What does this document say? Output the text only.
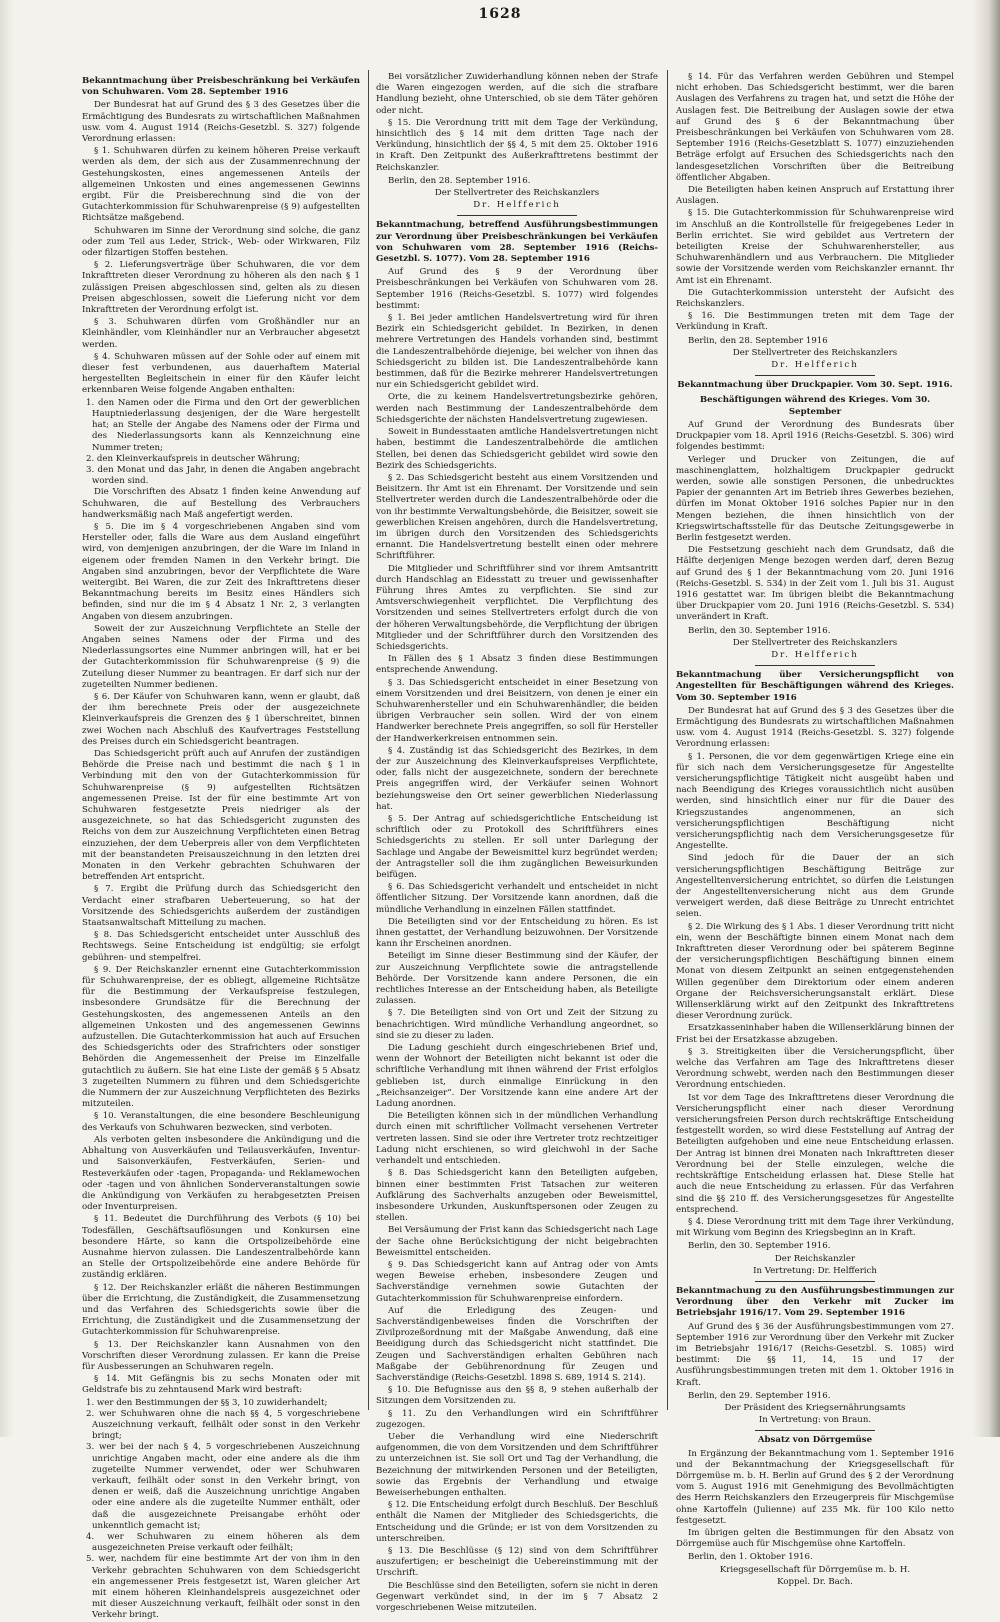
1628
Bekanntmachung über Preisbeschränkung bei Verkäufen von Schuhwaren. Vom 28. September 1916
Der Bundesrat hat auf Grund des § 3 des Gesetzes über die Ermächtigung des Bundesrats zu wirtschaftlichen Maßnahmen usw. vom 4. August 1914 (Reichs-Gesetzbl. S. 327) folgende Verordnung erlassen:
§ 1. Schuhwaren dürfen zu keinem höheren Preise verkauft werden als dem, der sich aus der Zusammenrechnung der Gestehungskosten, eines angemessenen Anteils der allgemeinen Unkosten und eines angemessenen Gewinns ergibt. Für die Preisberechnung sind die von der Gutachterkommission für Schuhwarenpreise (§ 9) aufgestellten Richtsätze maßgebend.
Schuhwaren im Sinne der Verordnung sind solche, die ganz oder zum Teil aus Leder, Strick-, Web- oder Wirkwaren, Filz oder filzartigen Stoffen bestehen.
§ 2. Lieferungsverträge über Schuhwaren, die vor dem Inkrafttreten dieser Verordnung zu höheren als den nach § 1 zulässigen Preisen abgeschlossen sind, gelten als zu diesen Preisen abgeschlossen, soweit die Lieferung nicht vor dem Inkrafttreten der Verordnung erfolgt ist.
§ 3. Schuhwaren dürfen vom Großhändler nur an Kleinhändler, vom Kleinhändler nur an Verbraucher abgesetzt werden.
§ 4. Schuhwaren müssen auf der Sohle oder auf einem mit dieser fest verbundenen, aus dauerhaftem Material hergestellten Begleitschein in einer für den Käufer leicht erkennbaren Weise folgende Angaben enthalten:
1. den Namen oder die Firma und den Ort der gewerblichen Hauptniederlassung desjenigen, der die Ware hergestellt hat; an Stelle der Angabe des Namens oder der Firma und des Niederlassungsorts kann als Kennzeichnung eine Nummer treten;
2. den Kleinverkaufspreis in deutscher Währung;
3. den Monat und das Jahr, in denen die Angaben angebracht worden sind.
Die Vorschriften des Absatz 1 finden keine Anwendung auf Schuhwaren, die auf Bestellung des Verbrauchers handwerksmäßig nach Maß angefertigt werden.
§ 5. Die im § 4 vorgeschriebenen Angaben sind vom Hersteller oder, falls die Ware aus dem Ausland eingeführt wird, von demjenigen anzubringen, der die Ware im Inland in eigenem oder fremden Namen in den Verkehr bringt. Die Angaben sind anzubringen, bevor der Verpflichtete die Ware weitergibt. Bei Waren, die zur Zeit des Inkrafttretens dieser Bekanntmachung bereits im Besitz eines Händlers sich befinden, sind nur die im § 4 Absatz 1 Nr. 2, 3 verlangten Angaben von diesem anzubringen.
Soweit der zur Auszeichnung Verpflichtete an Stelle der Angaben seines Namens oder der Firma und des Niederlassungsortes eine Nummer anbringen will, hat er bei der Gutachterkommission für Schuhwarenpreise (§ 9) die Zuteilung dieser Nummer zu beantragen. Er darf sich nur der zugeteilten Nummer bedienen.
§ 6. Der Käufer von Schuhwaren kann, wenn er glaubt, daß der ihm berechnete Preis oder der ausgezeichnete Kleinverkaufspreis die Grenzen des § 1 überschreitet, binnen zwei Wochen nach Abschluß des Kaufvertrages Feststellung des Preises durch ein Schiedsgericht beantragen.
Das Schiedsgericht prüft auch auf Anrufen der zuständigen Behörde die Preise nach und bestimmt die nach § 1 in Verbindung mit den von der Gutachterkommission für Schuhwarenpreise (§ 9) aufgestellten Richtsätzen angemessenen Preise. Ist der für eine bestimmte Art von Schuhwaren festgesetzte Preis niedriger als der ausgezeichnete, so hat das Schiedsgericht zugunsten des Reichs von dem zur Auszeichnung Verpflichteten einen Betrag einzuziehen, der dem Ueberpreis aller von dem Verpflichteten mit der beanstandeten Preisauszeichnung in den letzten drei Monaten in den Verkehr gebrachten Schuhwaren der betreffenden Art entspricht.
§ 7. Ergibt die Prüfung durch das Schiedsgericht den Verdacht einer strafbaren Ueberteuerung, so hat der Vorsitzende des Schiedsgerichts außerdem der zuständigen Staatsanwaltschaft Mitteilung zu machen.
§ 8. Das Schiedsgericht entscheidet unter Ausschluß des Rechtswegs. Seine Entscheidung ist endgültig; sie erfolgt gebühren- und stempelfrei.
§ 9. Der Reichskanzler ernennt eine Gutachterkommission für Schuhwarenpreise, der es obliegt, allgemeine Richtsätze für die Bestimmung der Verkaufspreise festzulegen, insbesondere Grundsätze für die Berechnung der Gestehungskosten, des angemessenen Anteils an den allgemeinen Unkosten und des angemessenen Gewinns aufzustellen. Die Gutachterkommission hat auch auf Ersuchen des Schiedsgerichts oder des Strafrichters oder sonstiger Behörden die Angemessenheit der Preise im Einzelfalle gutachtlich zu äußern. Sie hat eine Liste der gemäß § 5 Absatz 3 zugeteilten Nummern zu führen und dem Schiedsgerichte die Nummern der zur Auszeichnung Verpflichteten des Bezirks mitzuteilen.
§ 10. Veranstaltungen, die eine besondere Beschleunigung des Verkaufs von Schuhwaren bezwecken, sind verboten.
Als verboten gelten insbesondere die Ankündigung und die Abhaltung von Ausverkäufen und Teilausverkäufen, Inventur- und Saisonverkäufen, Festverkäufen, Serien- und Resteverkäufen oder -tagen, Propaganda- und Reklamewochen oder -tagen und von ähnlichen Sonderveranstaltungen sowie die Ankündigung von Verkäufen zu herabgesetzten Preisen oder Inventurpreisen.
§ 11. Bedeutet die Durchführung des Verbots (§ 10) bei Todesfällen, Geschäftsauflösungen und Konkursen eine besondere Härte, so kann die Ortspolizeibehörde eine Ausnahme hiervon zulassen. Die Landeszentralbehörde kann an Stelle der Ortspolizeibehörde eine andere Behörde für zuständig erklären.
§ 12. Der Reichskanzler erläßt die näheren Bestimmungen über die Errichtung, die Zuständigkeit, die Zusammensetzung und das Verfahren des Schiedsgerichts sowie über die Errichtung, die Zuständigkeit und die Zusammensetzung der Gutachterkommission für Schuhwarenpreise.
§ 13. Der Reichskanzler kann Ausnahmen von den Vorschriften dieser Verordnung zulassen. Er kann die Preise für Ausbesserungen an Schuhwaren regeln.
§ 14. Mit Gefängnis bis zu sechs Monaten oder mit Geldstrafe bis zu zehntausend Mark wird bestraft:
1. wer den Bestimmungen der §§ 3, 10 zuwiderhandelt;
2. wer Schuhwaren ohne die nach §§ 4, 5 vorgeschriebene Auszeichnung verkauft, feilhält oder sonst in den Verkehr bringt;
3. wer bei der nach § 4, 5 vorgeschriebenen Auszeichnung unrichtige Angaben macht, oder eine andere als die ihm zugeteilte Nummer verwendet, oder wer Schuhwaren verkauft, feilhält oder sonst in den Verkehr bringt, von denen er weiß, daß die Auszeichnung unrichtige Angaben oder eine andere als die zugeteilte Nummer enthält, oder daß die ausgezeichnete Preisangabe erhöht oder unkenntlich gemacht ist;
4. wer Schuhwaren zu einem höheren als dem ausgezeichneten Preise verkauft oder feilhält;
5. wer, nachdem für eine bestimmte Art der von ihm in den Verkehr gebrachten Schuhwaren von dem Schiedsgericht ein angemessener Preis festgesetzt ist, Waren gleicher Art mit einem höheren Kleinhandelspreis ausgezeichnet oder mit dieser Auszeichnung verkauft, feilhält oder sonst in den Verkehr bringt.
Bei vorsätzlicher Zuwiderhandlung können neben der Strafe die Waren eingezogen werden, auf die sich die strafbare Handlung bezieht, ohne Unterschied, ob sie dem Täter gehören oder nicht.
§ 15. Die Verordnung tritt mit dem Tage der Verkündung, hinsichtlich des § 14 mit dem dritten Tage nach der Verkündung, hinsichtlich der §§ 4, 5 mit dem 25. Oktober 1916 in Kraft. Den Zeitpunkt des Außerkrafttretens bestimmt der Reichskanzler.
Berlin, den 28. September 1916.
Der Stellvertreter des Reichskanzlers
Dr. Helfferich
Bekanntmachung, betreffend Ausführungsbestimmungen zur Verordnung über Preisbeschränkungen bei Verkäufen von Schuhwaren vom 28. September 1916 (Reichs-Gesetzbl. S. 1077). Vom 28. September 1916
Auf Grund des § 9 der Verordnung über Preisbeschränkungen bei Verkäufen von Schuhwaren vom 28. September 1916 (Reichs-Gesetzbl. S. 1077) wird folgendes bestimmt:
§ 1. Bei jeder amtlichen Handelsvertretung wird für ihren Bezirk ein Schiedsgericht gebildet. In Bezirken, in denen mehrere Vertretungen des Handels vorhanden sind, bestimmt die Landeszentralbehörde diejenige, bei welcher von ihnen das Schiedsgericht zu bilden ist. Die Landeszentralbehörde kann bestimmen, daß für die Bezirke mehrerer Handelsvertretungen nur ein Schiedsgericht gebildet wird.
Orte, die zu keinem Handelsvertretungsbezirke gehören, werden nach Bestimmung der Landeszentralbehörde dem Schiedsgerichte der nächsten Handelsvertretung zugewiesen.
Soweit in Bundesstaaten amtliche Handelsvertretungen nicht haben, bestimmt die Landeszentralbehörde die amtlichen Stellen, bei denen das Schiedsgericht gebildet wird sowie den Bezirk des Schiedsgerichts.
§ 2. Das Schiedsgericht besteht aus einem Vorsitzenden und Beisitzern. Ihr Amt ist ein Ehrenamt. Der Vorsitzende und sein Stellvertreter werden durch die Landeszentralbehörde oder die von ihr bestimmte Verwaltungsbehörde, die Beisitzer, soweit sie gewerblichen Kreisen angehören, durch die Handelsvertretung, im übrigen durch den Vorsitzenden des Schiedsgerichts ernannt. Die Handelsvertretung bestellt einen oder mehrere Schriftführer.
Die Mitglieder und Schriftführer sind vor ihrem Amtsantritt durch Handschlag an Eidesstatt zu treuer und gewissenhafter Führung ihres Amtes zu verpflichten. Sie sind zur Amtsverschwiegenheit verpflichtet. Die Verpflichtung des Vorsitzenden und seines Stellvertreters erfolgt durch die von der höheren Verwaltungsbehörde, die Verpflichtung der übrigen Mitglieder und der Schriftführer durch den Vorsitzenden des Schiedsgerichts.
In Fällen des § 1 Absatz 3 finden diese Bestimmungen entsprechende Anwendung.
§ 3. Das Schiedsgericht entscheidet in einer Besetzung von einem Vorsitzenden und drei Beisitzern, von denen je einer ein Schuhwarenhersteller und ein Schuhwarenhändler, die beiden übrigen Verbraucher sein sollen. Wird der von einem Handwerker berechnete Preis angegriffen, so soll für Hersteller der Handwerkerkreisen entnommen sein.
§ 4. Zuständig ist das Schiedsgericht des Bezirkes, in dem der zur Auszeichnung des Kleinverkaufspreises Verpflichtete, oder, falls nicht der ausgezeichnete, sondern der berechnete Preis angegriffen wird, der Verkäufer seinen Wohnort beziehungsweise den Ort seiner gewerblichen Niederlassung hat.
§ 5. Der Antrag auf schiedsgerichtliche Entscheidung ist schriftlich oder zu Protokoll des Schriftführers eines Schiedsgerichts zu stellen. Er soll unter Darlegung der Sachlage und Angabe der Beweismittel kurz begründet werden; der Antragsteller soll die ihm zugänglichen Beweisurkunden beifügen.
§ 6. Das Schiedsgericht verhandelt und entscheidet in nicht öffentlicher Sitzung. Der Vorsitzende kann anordnen, daß die mündliche Verhandlung in einzelnen Fällen stattfindet.
Die Beteiligten sind vor der Entscheidung zu hören. Es ist ihnen gestattet, der Verhandlung beizuwohnen. Der Vorsitzende kann ihr Erscheinen anordnen.
Beteiligt im Sinne dieser Bestimmung sind der Käufer, der zur Auszeichnung Verpflichtete sowie die antragstellende Behörde. Der Vorsitzende kann andere Personen, die ein rechtliches Interesse an der Entscheidung haben, als Beteiligte zulassen.
§ 7. Die Beteiligten sind von Ort und Zeit der Sitzung zu benachrichtigen. Wird mündliche Verhandlung angeordnet, so sind sie zu dieser zu laden.
Die Ladung geschieht durch eingeschriebenen Brief und, wenn der Wohnort der Beteiligten nicht bekannt ist oder die schriftliche Verhandlung mit ihnen während der Frist erfolglos geblieben ist, durch einmalige Einrückung in den „Reichsanzeiger“. Der Vorsitzende kann eine andere Art der Ladung anordnen.
Die Beteiligten können sich in der mündlichen Verhandlung durch einen mit schriftlicher Vollmacht versehenen Vertreter vertreten lassen. Sind sie oder ihre Vertreter trotz rechtzeitiger Ladung nicht erschienen, so wird gleichwohl in der Sache verhandelt und entschieden.
§ 8. Das Schiedsgericht kann den Beteiligten aufgeben, binnen einer bestimmten Frist Tatsachen zur weiteren Aufklärung des Sachverhalts anzugeben oder Beweismittel, insbesondere Urkunden, Auskunftspersonen oder Zeugen zu stellen.
Bei Versäumung der Frist kann das Schiedsgericht nach Lage der Sache ohne Berücksichtigung der nicht beigebrachten Beweismittel entscheiden.
§ 9. Das Schiedsgericht kann auf Antrag oder von Amts wegen Beweise erheben, insbesondere Zeugen und Sachverständige vernehmen sowie Gutachten der Gutachterkommission für Schuhwarenpreise einfordern.
Auf die Erledigung des Zeugen- und Sachverständigenbeweises finden die Vorschriften der Zivilprozeßordnung mit der Maßgabe Anwendung, daß eine Beeidigung durch das Schiedsgericht nicht stattfindet. Die Zeugen und Sachverständigen erhalten Gebühren nach Maßgabe der Gebührenordnung für Zeugen und Sachverständige (Reichs-Gesetzbl. 1898 S. 689, 1914 S. 214).
§ 10. Die Befugnisse aus den §§ 8, 9 stehen außerhalb der Sitzungen dem Vorsitzenden zu.
§ 11. Zu den Verhandlungen wird ein Schriftführer zugezogen.
Ueber die Verhandlung wird eine Niederschrift aufgenommen, die von dem Vorsitzenden und dem Schriftführer zu unterzeichnen ist. Sie soll Ort und Tag der Verhandlung, die Bezeichnung der mitwirkenden Personen und der Beteiligten, sowie das Ergebnis der Verhandlung und etwaige Beweiserhebungen enthalten.
§ 12. Die Entscheidung erfolgt durch Beschluß. Der Beschluß enthält die Namen der Mitglieder des Schiedsgerichts, die Entscheidung und die Gründe; er ist von dem Vorsitzenden zu unterschreiben.
§ 13. Die Beschlüsse (§ 12) sind von dem Schriftführer auszufertigen; er bescheinigt die Uebereinstimmung mit der Urschrift.
Die Beschlüsse sind den Beteiligten, sofern sie nicht in deren Gegenwart verkündet sind, in der im § 7 Absatz 2 vorgeschriebenen Weise mitzuteilen.
§ 14. Für das Verfahren werden Gebühren und Stempel nicht erhoben. Das Schiedsgericht bestimmt, wer die baren Auslagen des Verfahrens zu tragen hat, und setzt die Höhe der Auslagen fest. Die Beitreibung der Auslagen sowie der etwa auf Grund des § 6 der Bekanntmachung über Preisbeschränkungen bei Verkäufen von Schuhwaren vom 28. September 1916 (Reichs-Gesetzblatt S. 1077) einzuziehenden Beträge erfolgt auf Ersuchen des Schiedsgerichts nach den landesgesetzlichen Vorschriften über die Beitreibung öffentlicher Abgaben.
Die Beteiligten haben keinen Anspruch auf Erstattung ihrer Auslagen.
§ 15. Die Gutachterkommission für Schuhwarenpreise wird im Anschluß an die Kontrollstelle für freigegebenes Leder in Berlin errichtet. Sie wird gebildet aus Vertretern der beteiligten Kreise der Schuhwarenhersteller, aus Schuhwarenhändlern und aus Verbrauchern. Die Mitglieder sowie der Vorsitzende werden vom Reichskanzler ernannt. Ihr Amt ist ein Ehrenamt.
Die Gutachterkommission untersteht der Aufsicht des Reichskanzlers.
§ 16. Die Bestimmungen treten mit dem Tage der Verkündung in Kraft.
Berlin, den 28. September 1916
Der Stellvertreter des Reichskanzlers
Dr. Helfferich
Bekanntmachung über Druckpapier. Vom 30. Sept. 1916.
Beschäftigungen während des Krieges. Vom 30. September
Auf Grund der Verordnung des Bundesrats über Druckpapier vom 18. April 1916 (Reichs-Gesetzbl. S. 306) wird folgendes bestimmt:
Verleger und Drucker von Zeitungen, die auf maschinenglattem, holzhaltigem Druckpapier gedruckt werden, sowie alle sonstigen Personen, die unbedrucktes Papier der genannten Art im Betrieb ihres Gewerbes beziehen, dürfen im Monat Oktober 1916 solches Papier nur in den Mengen beziehen, die ihnen hinsichtlich von der Kriegswirtschaftsstelle für das Deutsche Zeitungsgewerbe in Berlin festgesetzt werden.
Die Festsetzung geschieht nach dem Grundsatz, daß die Hälfte derjenigen Menge bezogen werden darf, deren Bezug auf Grund des § 1 der Bekanntmachung vom 20. Juni 1916 (Reichs-Gesetzbl. S. 534) in der Zeit vom 1. Juli bis 31. August 1916 gestattet war. Im übrigen bleibt die Bekanntmachung über Druckpapier vom 20. Juni 1916 (Reichs-Gesetzbl. S. 534) unverändert in Kraft.
Berlin, den 30. September 1916.
Der Stellvertreter des Reichskanzlers
Dr. Helfferich
Bekanntmachung über Versicherungspflicht von Angestellten für Beschäftigungen während des Krieges. Vom 30. September 1916
Der Bundesrat hat auf Grund des § 3 des Gesetzes über die Ermächtigung des Bundesrats zu wirtschaftlichen Maßnahmen usw. vom 4. August 1914 (Reichs-Gesetzbl. S. 327) folgende Verordnung erlassen:
§ 1. Personen, die vor dem gegenwärtigen Kriege eine ein für sich nach dem Versicherungsgesetze für Angestellte versicherungspflichtige Tätigkeit nicht ausgeübt haben und nach Beendigung des Krieges voraussichtlich nicht ausüben werden, sind hinsichtlich einer nur für die Dauer des Kriegszustandes angenommenen, an sich versicherungspflichtigen Beschäftigung nicht versicherungspflichtig nach dem Versicherungsgesetze für Angestellte.
Sind jedoch für die Dauer der an sich versicherungspflichtigen Beschäftigung Beiträge zur Angestelltenversicherung entrichtet, so dürfen die Leistungen der Angestelltenversicherung nicht aus dem Grunde verweigert werden, daß diese Beiträge zu Unrecht entrichtet seien.
§ 2. Die Wirkung des § 1 Abs. 1 dieser Verordnung tritt nicht ein, wenn der Beschäftigte binnen einem Monat nach dem Inkrafttreten dieser Verordnung oder bei späterem Beginne der versicherungspflichtigen Beschäftigung binnen einem Monat von diesem Zeitpunkt an seinen entgegenstehenden Willen gegenüber dem Direktorium oder einem anderen Organe der Reichsversicherungsanstalt erklärt. Diese Willenserklärung wirkt auf den Zeitpunkt des Inkrafttretens dieser Verordnung zurück.
Ersatzkasseninhaber haben die Willenserklärung binnen der Frist bei der Ersatzkasse abzugeben.
§ 3. Streitigkeiten über die Versicherungspflicht, über welche das Verfahren am Tage des Inkrafttretens dieser Verordnung schwebt, werden nach den Bestimmungen dieser Verordnung entschieden.
Ist vor dem Tage des Inkrafttretens dieser Verordnung die Versicherungspflicht einer nach dieser Verordnung versicherungsfreien Person durch rechtskräftige Entscheidung festgestellt worden, so wird diese Feststellung auf Antrag der Beteiligten aufgehoben und eine neue Entscheidung erlassen. Der Antrag ist binnen drei Monaten nach Inkrafttreten dieser Verordnung bei der Stelle einzulegen, welche die rechtskräftige Entscheidung erlassen hat. Diese Stelle hat auch die neue Entscheidung zu erlassen. Für das Verfahren sind die §§ 210 ff. des Versicherungsgesetzes für Angestellte entsprechend.
§ 4. Diese Verordnung tritt mit dem Tage ihrer Verkündung, mit Wirkung vom Beginn des Kriegsbeginn an in Kraft.
Berlin, den 30. September 1916.
Der Reichskanzler
In Vertretung: Dr. Helfferich
Bekanntmachung zu den Ausführungsbestimmungen zur Verordnung über den Verkehr mit Zucker im Betriebsjahr 1916/17. Vom 29. September 1916
Auf Grund des § 36 der Ausführungsbestimmungen vom 27. September 1916 zur Verordnung über den Verkehr mit Zucker im Betriebsjahr 1916/17 (Reichs-Gesetzbl. S. 1085) wird bestimmt: Die §§ 11, 14, 15 und 17 der Ausführungsbestimmungen treten mit dem 1. Oktober 1916 in Kraft.
Berlin, den 29. September 1916.
Der Präsident des Kriegsernährungsamts
In Vertretung: von Braun.
Absatz von Dörrgemüse
In Ergänzung der Bekanntmachung vom 1. September 1916 und der Bekanntmachung der Kriegsgesellschaft für Dörrgemüse m. b. H. Berlin auf Grund des § 2 der Verordnung vom 5. August 1916 mit Genehmigung des Bevollmächtigten des Herrn Reichskanzlers den Erzeugerpreis für Mischgemüse ohne Kartoffeln (Julienne) auf 235 Mk. für 100 Kilo netto festgesetzt.
Im übrigen gelten die Bestimmungen für den Absatz von Dörrgemüse auch für Mischgemüse ohne Kartoffeln.
Berlin, den 1. Oktober 1916.
Kriegsgesellschaft für Dörrgemüse m. b. H.
Koppel. Dr. Bach.
